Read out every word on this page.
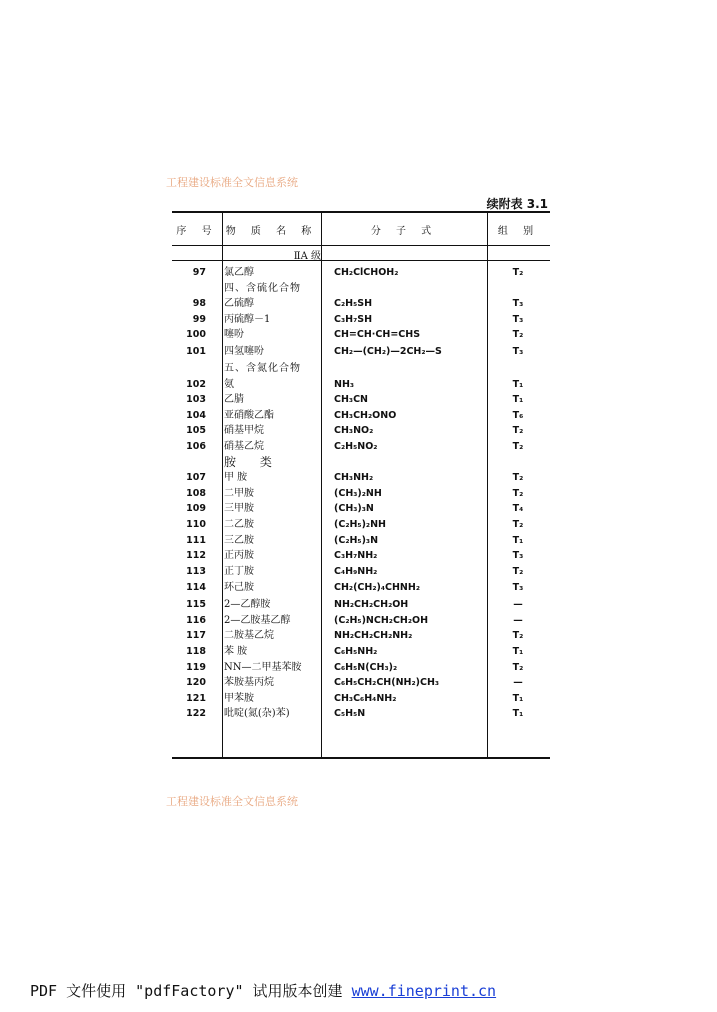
工程建设标准全文信息系统
续附表 3.1
序 号 物 质 名 称	分 子 式	组 别
ⅡA 级
97 氯乙醇	CH₂ClCHOH₂	T₂
四、含硫化合物
98 乙硫醇	C₂H₅SH	T₃
99 丙硫醇－1	C₃H₇SH	T₃
100 噻吩	CH=CH·CH=CHS	T₂
101 四氢噻吩	CH₂—(CH₂)—2CH₂—S	T₃
五、含氮化合物
102 氨	NH₃	T₁
103 乙腈	CH₃CN	T₁
104 亚硝酸乙酯	CH₃CH₂ONO	T₆
105 硝基甲烷	CH₃NO₂	T₂
106 硝基乙烷	C₂H₅NO₂	T₂
胺 类
107 甲 胺	CH₃NH₂	T₂
108 二甲胺	(CH₃)₂NH	T₂
109 三甲胺	(CH₃)₃N	T₄
110 二乙胺	(C₂H₅)₂NH	T₂
111 三乙胺	(C₂H₅)₃N	T₁
112 正丙胺	C₃H₇NH₂	T₃
113 正丁胺	C₄H₉NH₂	T₂
114 环己胺	CH₂(CH₂)₄CHNH₂	T₃
115 2—乙醇胺	NH₂CH₂CH₂OH	—
116 2—乙胺基乙醇	(C₂H₅)NCH₂CH₂OH	—
117 二胺基乙烷	NH₂CH₂CH₂NH₂	T₂
118 苯 胺	C₆H₅NH₂	T₁
119 NN—二甲基苯胺	C₆H₅N(CH₃)₂	T₂
120 苯胺基丙烷	C₆H₅CH₂CH(NH₂)CH₃	—
121 甲苯胺	CH₃C₆H₄NH₂	T₁
122 吡啶(氮(杂)苯)	C₅H₅N	T₁
工程建设标准全文信息系统
PDF 文件使用 "pdfFactory" 试用版本创建 www.fineprint.cn
